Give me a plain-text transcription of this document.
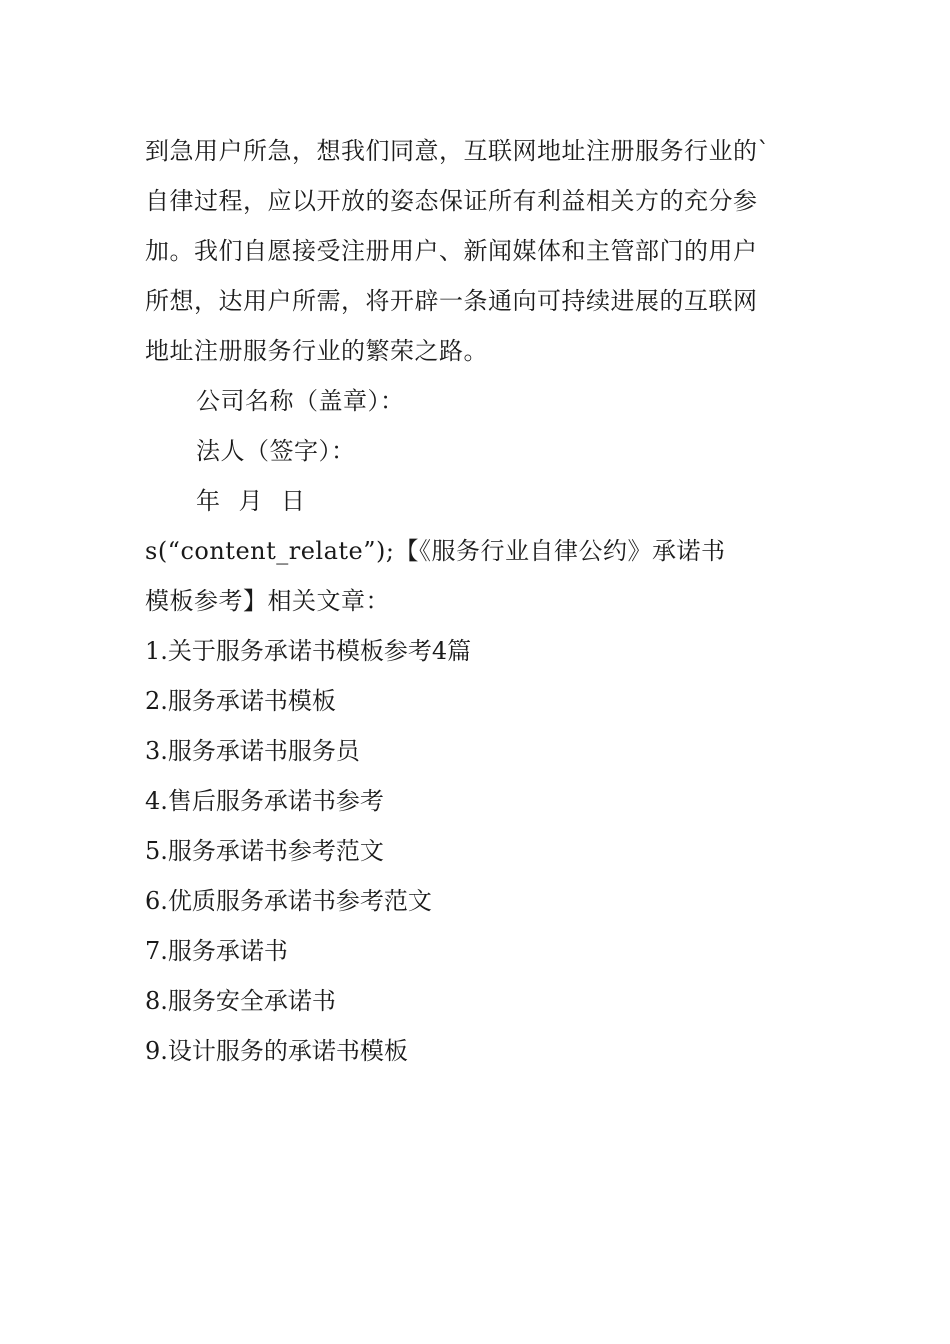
到急用户所急，想我们同意，互联网地址注册服务行业的`
自律过程，应以开放的姿态保证所有利益相关方的充分参
加。我们自愿接受注册用户、新闻媒体和主管部门的用户
所想，达用户所需，将开辟一条通向可持续进展的互联网
地址注册服务行业的繁荣之路。
公司名称（盖章）：
法人（签字）：
年 月 日
s(“content_relate”);【《服务行业自律公约》承诺书
模板参考】相关文章：
1.关于服务承诺书模板参考4篇
2.服务承诺书模板
3.服务承诺书服务员
4.售后服务承诺书参考
5.服务承诺书参考范文
6.优质服务承诺书参考范文
7.服务承诺书
8.服务安全承诺书
9.设计服务的承诺书模板
